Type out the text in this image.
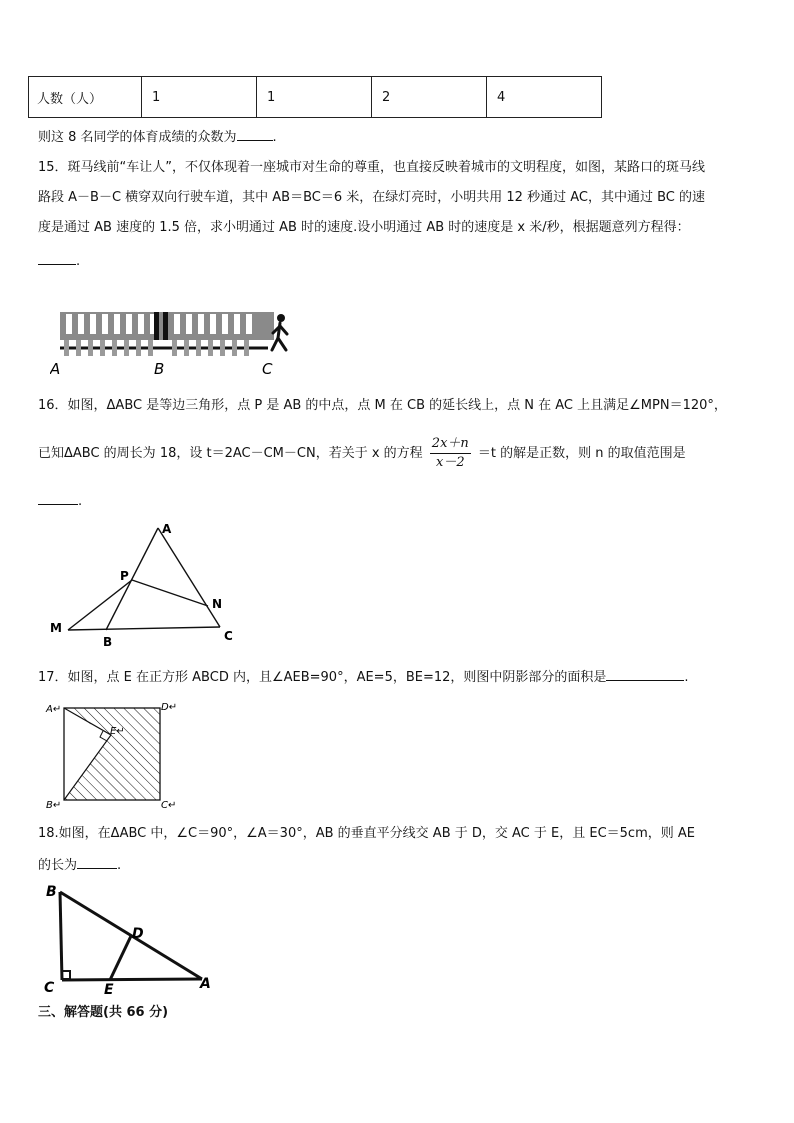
人数（人）	1	1	2	4
则这 8 名同学的体育成绩的众数为	.
15．斑马线前“车让人”，不仅体现着一座城市对生命的尊重，也直接反映着城市的文明程度，如图，某路口的斑马线
路段 A－B－C 横穿双向行驶车道，其中 AB＝BC＝6 米，在绿灯亮时，小明共用 12 秒通过 AC，其中通过 BC 的速
度是通过 AB 速度的 1.5 倍，求小明通过 AB 时的速度.设小明通过 AB 时的速度是 x 米/秒，根据题意列方程得：
.
A	B	C
16．如图，ΔABC 是等边三角形，点 P 是 AB 的中点，点 M 在 CB 的延长线上，点 N 在 AC 上且满足∠MPN＝120°，
已知ΔABC 的周长为 18，设 t＝2AC－CM－CN，若关于 x 的方程 $\frac{2x+n}{x-2} =t$ 的解是正数，则 n 的取值范围是
.
A
P
N
M
B	C
17．如图，点 E 在正方形 ABCD 内，且∠AEB=90°，AE=5，BE=12，则图中阴影部分的面积是	.
A↵	D↵
E↵
B↵	C↵
18.如图，在ΔABC 中，∠C＝90°，∠A＝30°，AB 的垂直平分线交 AB 于 D，交 AC 于 E，且 EC＝5cm，则 AE
的长为	.
B
D
C	E	A
三、解答题(共 66 分)
